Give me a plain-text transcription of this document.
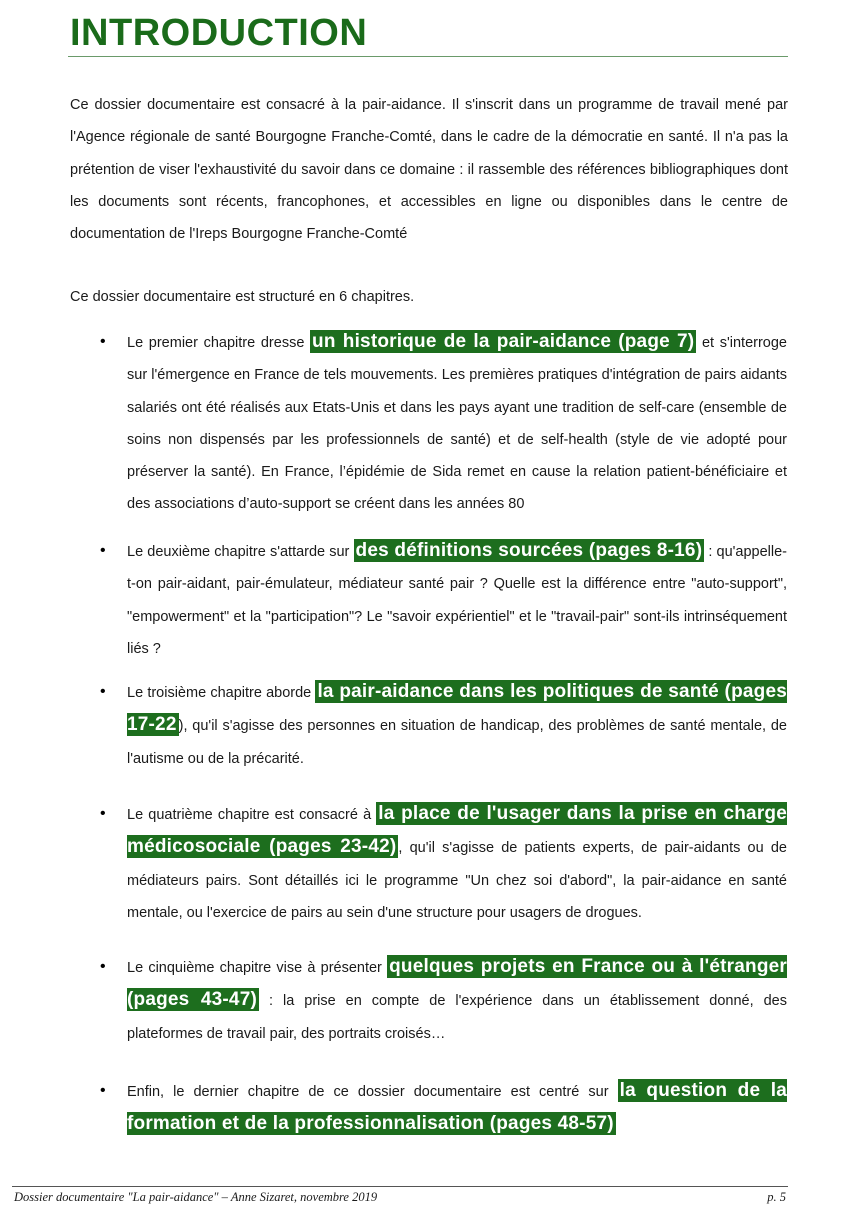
INTRODUCTION

Ce dossier documentaire est consacré à la pair-aidance. Il s'inscrit dans un programme de travail mené par l'Agence régionale de santé Bourgogne Franche-Comté, dans le cadre de la démocratie en santé. Il n'a pas la prétention de viser l'exhaustivité du savoir dans ce domaine : il rassemble des références bibliographiques dont les documents sont récents, francophones, et accessibles en ligne ou disponibles dans le centre de documentation de l'Ireps Bourgogne Franche-Comté

Ce dossier documentaire est structuré en 6 chapitres.

• Le premier chapitre dresse un historique de la pair-aidance (page 7) et s'interroge sur l'émergence en France de tels mouvements. Les premières pratiques d'intégration de pairs aidants salariés ont été réalisés aux Etats-Unis et dans les pays ayant une tradition de self-care (ensemble de soins non dispensés par les professionnels de santé) et de self-health (style de vie adopté pour préserver la santé). En France, l’épidémie de Sida remet en cause la relation patient-bénéficiaire et des associations d’auto-support se créent dans les années 80
• Le deuxième chapitre s'attarde sur des définitions sourcées (pages 8-16) : qu'appelle-t-on pair-aidant, pair-émulateur, médiateur santé pair ? Quelle est la différence entre "auto-support", "empowerment" et la "participation"? Le "savoir expérientiel" et le "travail-pair" sont-ils intrinséquement liés ?
• Le troisième chapitre aborde la pair-aidance dans les politiques de santé (pages 17-22 ), qu'il s'agisse des personnes en situation de handicap, des problèmes de santé mentale, de l'autisme ou de la précarité.
• Le quatrième chapitre est consacré à la place de l'usager dans la prise en charge médicosociale (pages 23-42) , qu'il s'agisse de patients experts, de pair-aidants ou de médiateurs pairs. Sont détaillés ici le programme "Un chez soi d'abord", la pair-aidance en santé mentale, ou l'exercice de pairs au sein d'une structure pour usagers de drogues.
• Le cinquième chapitre vise à présenter quelques projets en France ou à l'étranger (pages 43-47) : la prise en compte de l'expérience dans un établissement donné, des plateformes de travail pair, des portraits croisés…
• Enfin, le dernier chapitre de ce dossier documentaire est centré sur la question de la formation et de la professionnalisation (pages 48-57)
Dossier documentaire "La pair-aidance" – Anne Sizaret, novembre 2019	p. 5
